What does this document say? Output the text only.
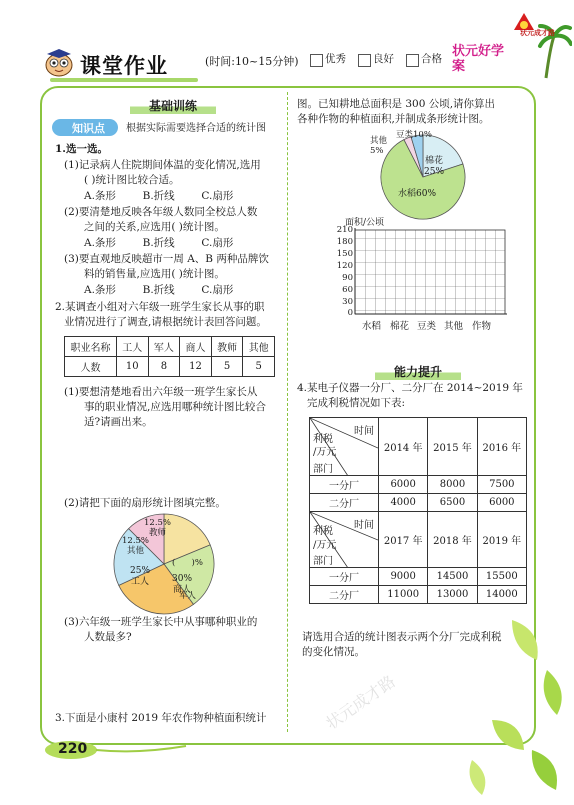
课堂作业	(时间:10~15分钟)	优秀	良好	合格
状元成才路
状元好学案
基础训练
知识点 根据实际需要选择合适的统计图
1.选一选。
(1)记录病人住院期间体温的变化情况,选用
( )统计图比较合适。
A.条形        B.折线        C.扇形
(2)要清楚地反映各年级人数同全校总人数
之间的关系,应选用( )统计图。
A.条形        B.折线        C.扇形
(3)要直观地反映超市一周 A、B 两种品牌饮
料的销售量,应选用( )统计图。
A.条形        B.折线        C.扇形
2.某调查小组对六年级一班学生家长从事的职
业情况进行了调查,请根据统计表回答问题。
职业名称	工人	军人	商人	教师	其他
人数	10	8	12	5	5
(1)要想清楚地看出六年级一班学生家长从
事的职业情况,应选用哪种统计图比较合
适?请画出来。
(2)请把下面的扇形统计图填完整。
12.5%
教师
12.5%
其他

(      )%

军人

25%
工人	30%
商人
(3)六年级一班学生家长中从事哪种职业的
人数最多?
3.下面是小康村 2019 年农作物种植面积统计
图。已知耕地总面积是 300 公顷,请你算出
各种作物的种植面积,并制成条形统计图。
豆类10%
其他
5%
棉花
25%
水稻60%
面积/公顷
210
180
150
120
90
60
30
0
水稻 棉花 豆类 其他 作物
能力提升
4.某电子仪器一分厂、二分厂在 2014~2019 年
完成利税情况如下表:
时间
利税
/万元
部门	2014 年	2015 年	2016 年
一分厂	6000	8000	7500
二分厂	4000	6500	6000

时间
利税
/万元
部门	2017 年	2018 年	2019 年
一分厂	9000	14500	15500
二分厂	11000	13000	14000
请选用合适的统计图表示两个分厂完成利税
的变化情况。
状元成才路
220
